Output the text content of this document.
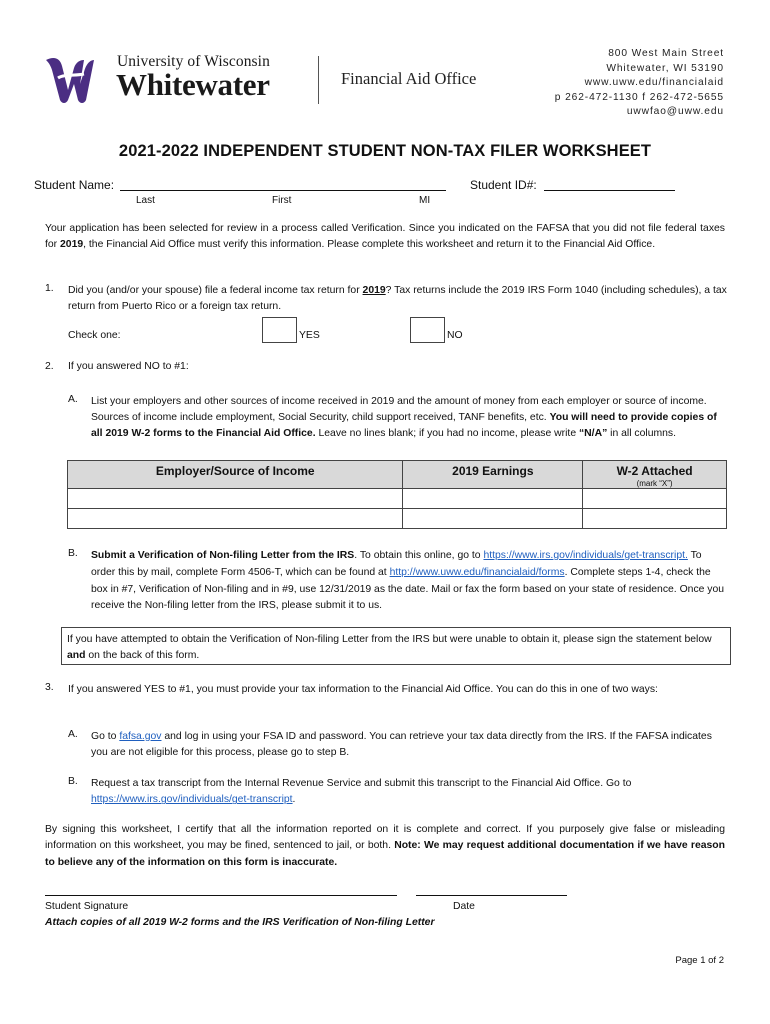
University of Wisconsin
Whitewater	Financial Aid Office
800 West Main Street
Whitewater, WI 53190
www.uww.edu/financialaid
p 262-472-1130 f 262-472-5655
uwwfao@uww.edu
2021-2022 INDEPENDENT STUDENT NON-TAX FILER WORKSHEET
Student Name:	Student ID#:
Last	First	MI
Your application has been selected for review in a process called Verification. Since you indicated on the FAFSA that you did not file federal taxes for 2019, the Financial Aid Office must verify this information. Please complete this worksheet and return it to the Financial Aid Office.
1. Did you (and/or your spouse) file a federal income tax return for 2019? Tax returns include the 2019 IRS Form 1040 (including schedules), a tax return from Puerto Rico or a foreign tax return.
Check one:	YES	NO
2. If you answered NO to #1:
A. List your employers and other sources of income received in 2019 and the amount of money from each employer or source of income. Sources of income include employment, Social Security, child support received, TANF benefits, etc. You will need to provide copies of all 2019 W-2 forms to the Financial Aid Office. Leave no lines blank; if you had no income, please write “N/A” in all columns.
Employer/Source of Income	2019 Earnings	W-2 Attached
(mark “X”)

B. Submit a Verification of Non-filing Letter from the IRS. To obtain this online, go to https://www.irs.gov/individuals/get-transcript. To order this by mail, complete Form 4506-T, which can be found at http://www.uww.edu/financialaid/forms. Complete steps 1-4, check the box in #7, Verification of Non-filing and in #9, use 12/31/2019 as the date. Mail or fax the form based on your state of residence. Once you receive the Non-filing letter from the IRS, please submit it to us.
If you have attempted to obtain the Verification of Non-filing Letter from the IRS but were unable to obtain it, please sign the statement below and on the back of this form.
3. If you answered YES to #1, you must provide your tax information to the Financial Aid Office. You can do this in one of two ways:
A. Go to fafsa.gov and log in using your FSA ID and password. You can retrieve your tax data directly from the IRS. If the FAFSA indicates you are not eligible for this process, please go to step B.
B. Request a tax transcript from the Internal Revenue Service and submit this transcript to the Financial Aid Office. Go to https://www.irs.gov/individuals/get-transcript.
By signing this worksheet, I certify that all the information reported on it is complete and correct. If you purposely give false or misleading information on this worksheet, you may be fined, sentenced to jail, or both. Note: We may request additional documentation if we have reason to believe any of the information on this form is inaccurate.
Student Signature	Date
Attach copies of all 2019 W-2 forms and the IRS Verification of Non-filing Letter
Page 1 of 2
